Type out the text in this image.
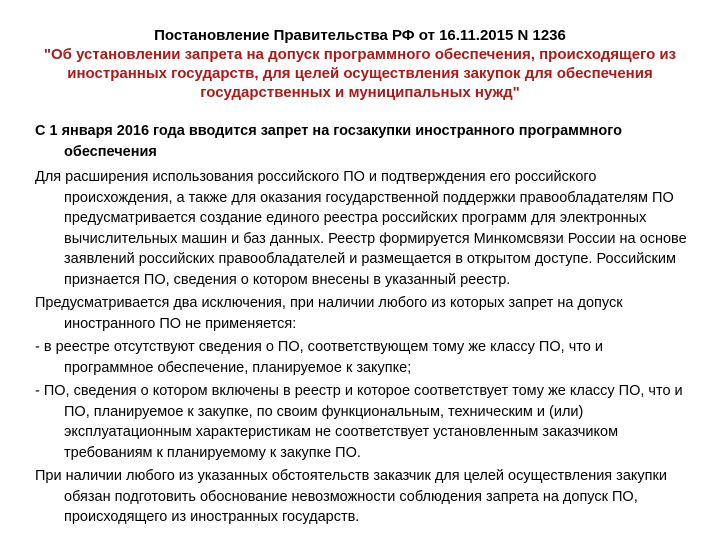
Постановление Правительства РФ от 16.11.2015 N 1236
"Об установлении запрета на допуск программного обеспечения, происходящего из иностранных государств, для целей осуществления закупок для обеспечения государственных и муниципальных нужд"

С 1 января 2016 года вводится запрет на госзакупки иностранного программного обеспечения

Для расширения использования российского ПО и подтверждения его российского происхождения, а также для оказания государственной поддержки правообладателям ПО предусматривается создание единого реестра российских программ для электронных вычислительных машин и баз данных. Реестр формируется Минкомсвязи России на основе заявлений российских правообладателей и размещается в открытом доступе. Российским признается ПО, сведения о котором внесены в указанный реестр.

Предусматривается два исключения, при наличии любого из которых запрет на допуск иностранного ПО не применяется:

- в реестре отсутствуют сведения о ПО, соответствующем тому же классу ПО, что и программное обеспечение, планируемое к закупке;

- ПО, сведения о котором включены в реестр и которое соответствует тому же классу ПО, что и ПО, планируемое к закупке, по своим функциональным, техническим и (или) эксплуатационным характеристикам не соответствует установленным заказчиком требованиям к планируемому к закупке ПО.

При наличии любого из указанных обстоятельств заказчик для целей осуществления закупки обязан подготовить обоснование невозможности соблюдения запрета на допуск ПО, происходящего из иностранных государств.
